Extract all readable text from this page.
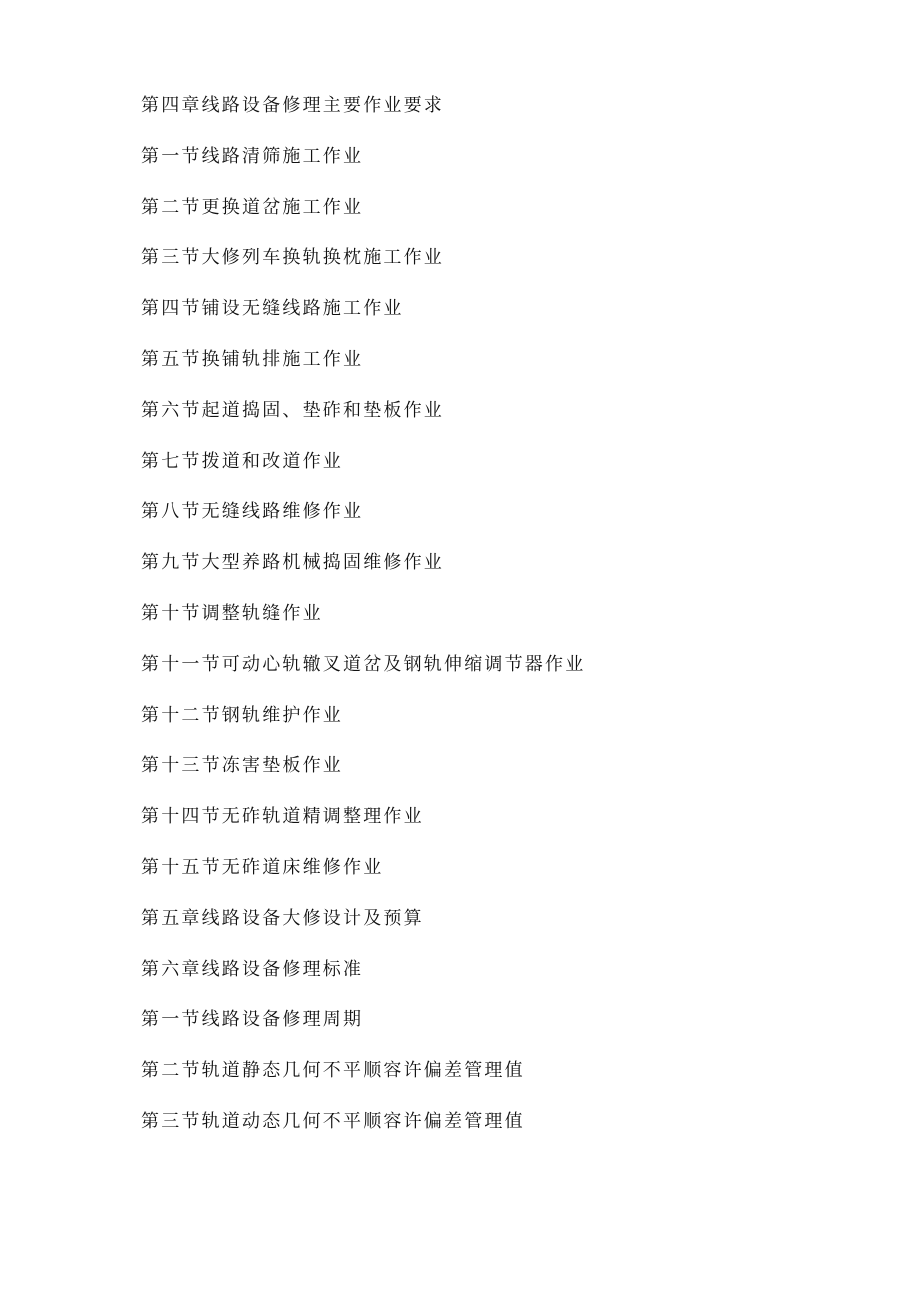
第四章线路设备修理主要作业要求
第一节线路清筛施工作业
第二节更换道岔施工作业
第三节大修列车换轨换枕施工作业
第四节铺设无缝线路施工作业
第五节换铺轨排施工作业
第六节起道捣固、垫砟和垫板作业
第七节拨道和改道作业
第八节无缝线路维修作业
第九节大型养路机械捣固维修作业
第十节调整轨缝作业
第十一节可动心轨辙叉道岔及钢轨伸缩调节器作业
第十二节钢轨维护作业
第十三节冻害垫板作业
第十四节无砟轨道精调整理作业
第十五节无砟道床维修作业
第五章线路设备大修设计及预算
第六章线路设备修理标准
第一节线路设备修理周期
第二节轨道静态几何不平顺容许偏差管理值
第三节轨道动态几何不平顺容许偏差管理值
